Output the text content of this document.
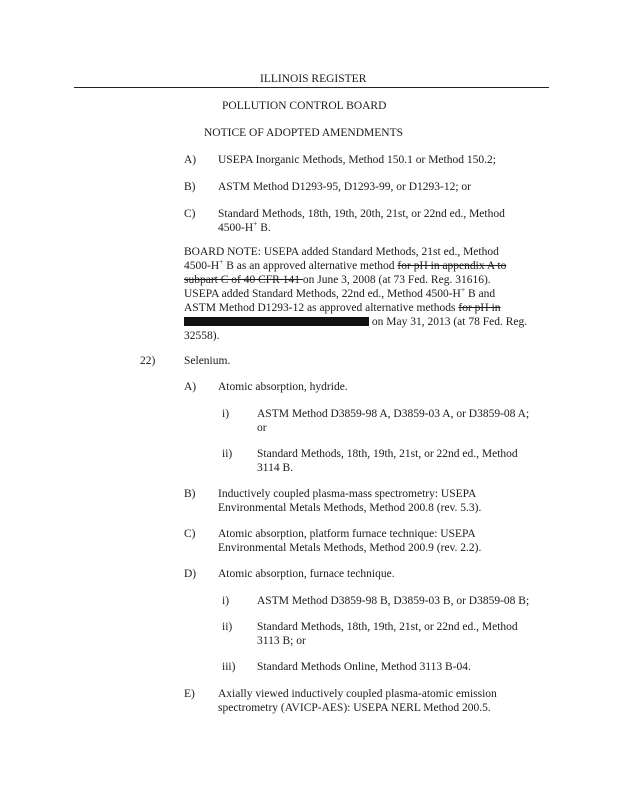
ILLINOIS REGISTER
POLLUTION CONTROL BOARD
NOTICE OF ADOPTED AMENDMENTS
A) USEPA Inorganic Methods, Method 150.1 or Method 150.2;
B) ASTM Method D1293-95, D1293-99, or D1293-12; or
C) Standard Methods, 18th, 19th, 20th, 21st, or 22nd ed., Method
4500-H+ B.
BOARD NOTE: USEPA added Standard Methods, 21st ed., Method
4500-H+ B as an approved alternative method for pH in appendix A to
subpart C of 40 CFR 141 on June 3, 2008 (at 73 Fed. Reg. 31616).
USEPA added Standard Methods, 22nd ed., Method 4500-H+ B and
ASTM Method D1293-12 as approved alternative methods for pH in
on May 31, 2013 (at 78 Fed. Reg.
32558).
22) Selenium.
A) Atomic absorption, hydride.
i) ASTM Method D3859-98 A, D3859-03 A, or D3859-08 A;
or
ii) Standard Methods, 18th, 19th, 21st, or 22nd ed., Method
3114 B.
B) Inductively coupled plasma-mass spectrometry: USEPA
Environmental Metals Methods, Method 200.8 (rev. 5.3).
C) Atomic absorption, platform furnace technique: USEPA
Environmental Metals Methods, Method 200.9 (rev. 2.2).
D) Atomic absorption, furnace technique.
i) ASTM Method D3859-98 B, D3859-03 B, or D3859-08 B;
ii) Standard Methods, 18th, 19th, 21st, or 22nd ed., Method
3113 B; or
iii) Standard Methods Online, Method 3113 B-04.
E) Axially viewed inductively coupled plasma-atomic emission
spectrometry (AVICP-AES): USEPA NERL Method 200.5.
